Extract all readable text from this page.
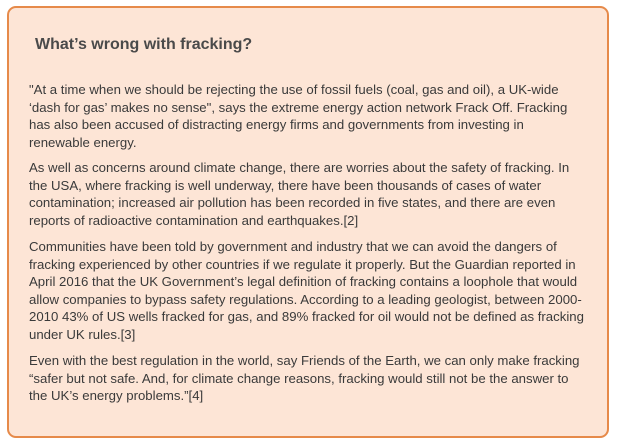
What’s wrong with fracking?

"At a time when we should be rejecting the use of fossil fuels (coal, gas and oil), a UK-wide ‘dash for gas’ makes no sense", says the extreme energy action network Frack Off. Fracking has also been accused of distracting energy firms and governments from investing in renewable energy.

As well as concerns around climate change, there are worries about the safety of fracking. In the USA, where fracking is well underway, there have been thousands of cases of water contamination; increased air pollution has been recorded in five states, and there are even reports of radioactive contamination and earthquakes.[2]

Communities have been told by government and industry that we can avoid the dangers of fracking experienced by other countries if we regulate it properly. But the Guardian reported in April 2016 that the UK Government’s legal definition of fracking contains a loophole that would allow companies to bypass safety regulations. According to a leading geologist, between 2000-2010 43% of US wells fracked for gas, and 89% fracked for oil would not be defined as fracking under UK rules.[3]

Even with the best regulation in the world, say Friends of the Earth, we can only make fracking “safer but not safe. And, for climate change reasons, fracking would still not be the answer to the UK’s energy problems.”[4]
